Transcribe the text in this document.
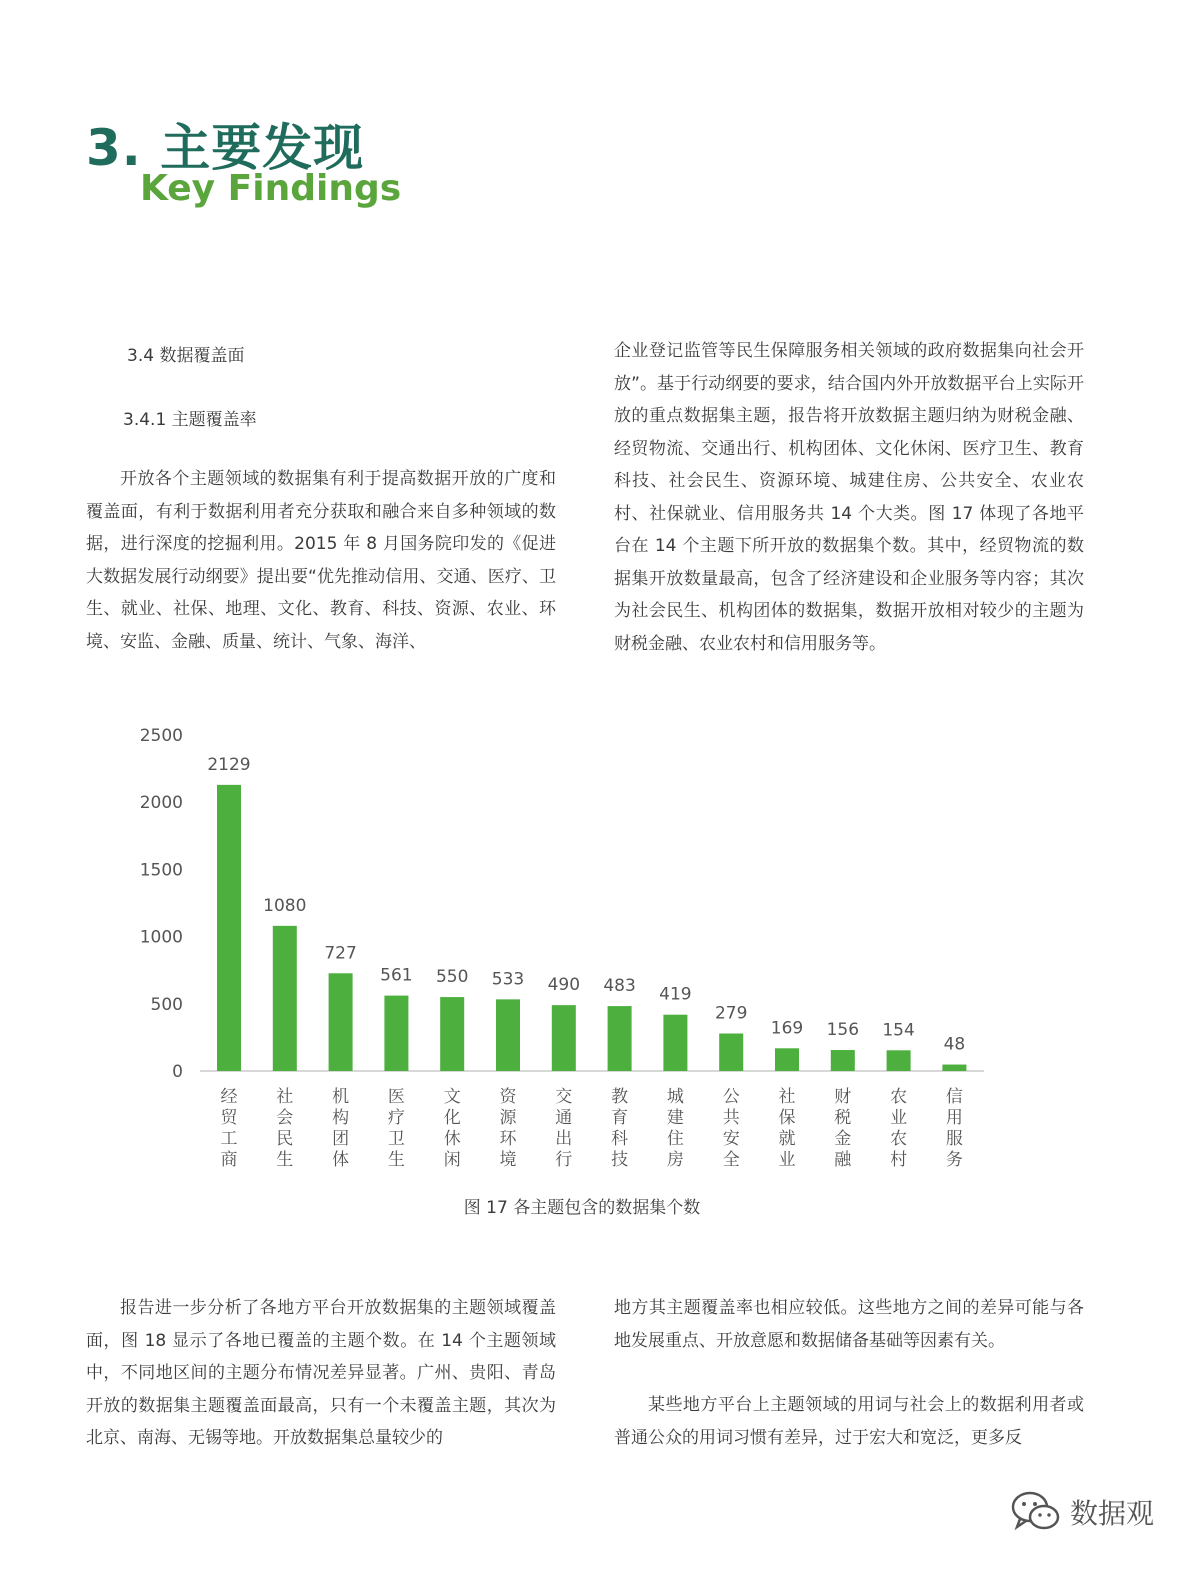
3. 主要发现
Key Findings

3.4 数据覆盖面

3.4.1 主题覆盖率

开放各个主题领域的数据集有利于提高数据开放的广度和覆盖面，有利于数据利用者充分获取和融合来自多种领域的数据，进行深度的挖掘利用。2015 年 8 月国务院印发的《促进大数据发展行动纲要》提出要“优先推动信用、交通、医疗、卫生、就业、社保、地理、文化、教育、科技、资源、农业、环境、安监、金融、质量、统计、气象、海洋、

企业登记监管等民生保障服务相关领域的政府数据集向社会开放”。基于行动纲要的要求，结合国内外开放数据平台上实际开放的重点数据集主题，报告将开放数据主题归纳为财税金融、经贸物流、交通出行、机构团体、文化休闲、医疗卫生、教育科技、社会民生、资源环境、城建住房、公共安全、农业农村、社保就业、信用服务共 14 个大类。图 17 体现了各地平台在 14 个主题下所开放的数据集个数。其中，经贸物流的数据集开放数量最高，包含了经济建设和企业服务等内容；其次为社会民生、机构团体的数据集，数据开放相对较少的主题为财税金融、农业农村和信用服务等。

0
500
1000
1500
2000
2500
2129
经贸工商
1080
社会民生
727
机构团体
561
医疗卫生
550
文化休闲
533
资源环境
490
交通出行
483
教育科技
419
城建住房
279
公共安全
169
社保就业
156
财税金融
154
农业农村
48
信用服务

图 17 各主题包含的数据集个数

报告进一步分析了各地方平台开放数据集的主题领域覆盖面，图 18 显示了各地已覆盖的主题个数。在 14 个主题领域中，不同地区间的主题分布情况差异显著。广州、贵阳、青岛开放的数据集主题覆盖面最高，只有一个未覆盖主题，其次为北京、南海、无锡等地。开放数据集总量较少的

地方其主题覆盖率也相应较低。这些地方之间的差异可能与各地发展重点、开放意愿和数据储备基础等因素有关。

某些地方平台上主题领域的用词与社会上的数据利用者或普通公众的用词习惯有差异，过于宏大和宽泛，更多反

数据观
